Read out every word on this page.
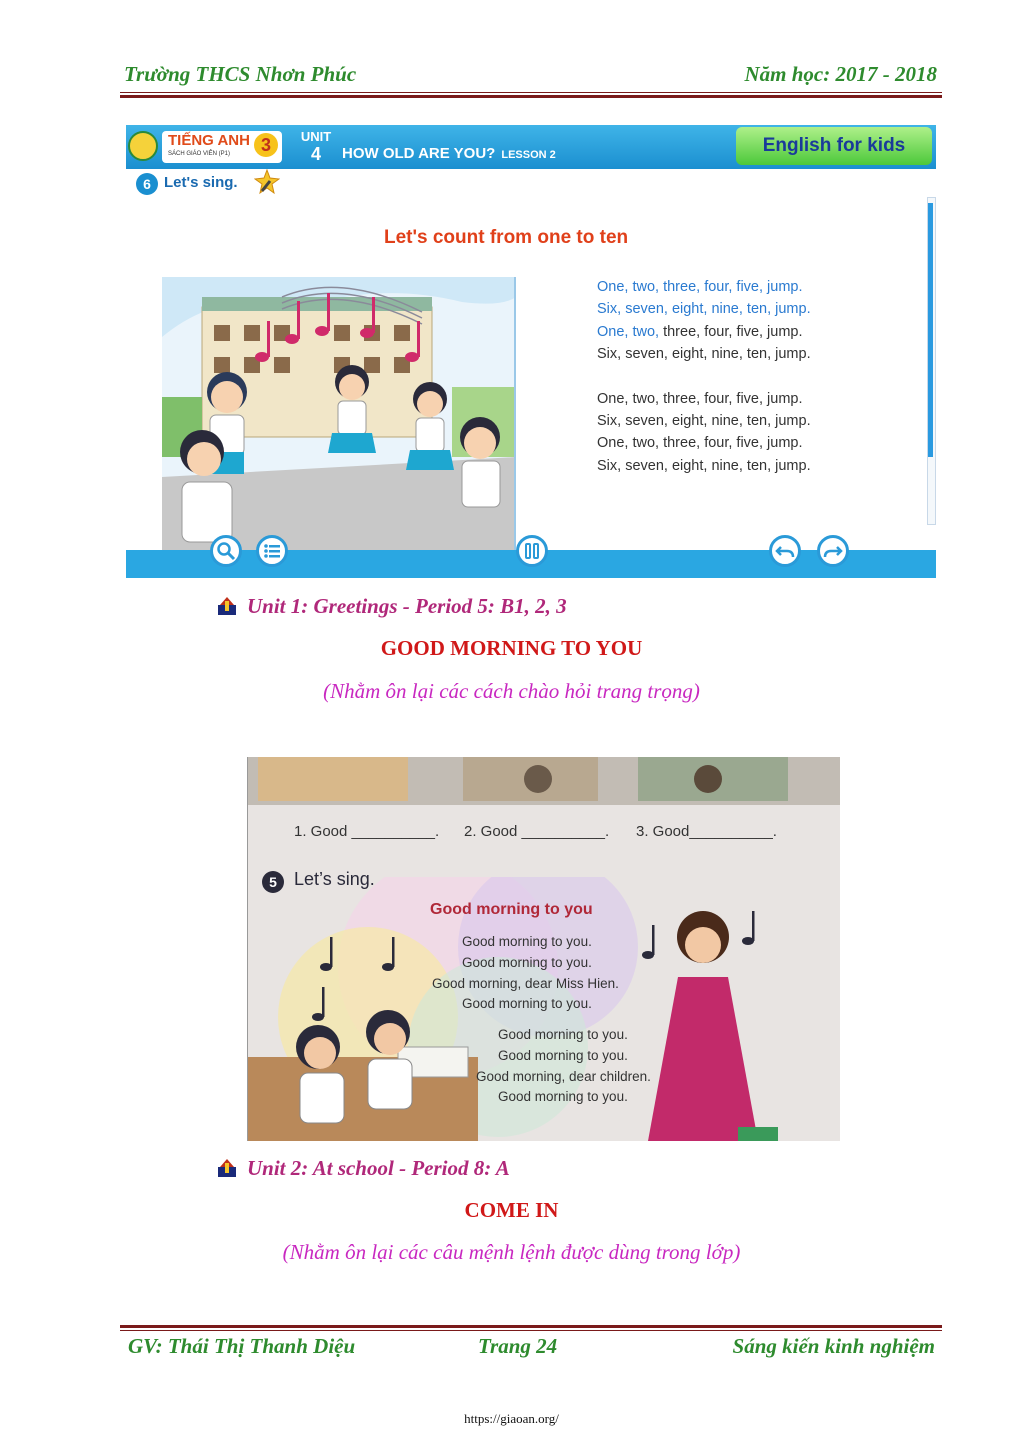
Trường THCS Nhơn Phúc	Năm học: 2017 - 2018
TIẾNG ANH
SÁCH GIÁO VIÊN (P1)	3	UNIT
4	HOW OLD ARE YOU? LESSON 2	English for kids
6 Let's sing.
Let's count from one to ten
One, two, three, four, five, jump.
Six, seven, eight, nine, ten, jump.
One, two, three, four, five, jump.
Six, seven, eight, nine, ten, jump.
One, two, three, four, five, jump.
Six, seven, eight, nine, ten, jump.
One, two, three, four, five, jump.
Six, seven, eight, nine, ten, jump.
Unit 1: Greetings - Period 5: B1, 2, 3
GOOD MORNING TO YOU
(Nhằm ôn lại các cách chào hỏi trang trọng)
1. Good __________. 2. Good __________. 3. Good__________.
5 Let’s sing.
Good morning to you
Good morning to you.
Good morning to you.
Good morning, dear Miss Hien.
Good morning to you.
Good morning to you.
Good morning to you.
Good morning, dear children.
Good morning to you.
Unit 2: At school - Period 8: A
COME IN
(Nhằm ôn lại các câu mệnh lệnh được dùng trong lớp)
GV: Thái Thị Thanh Diệu	Trang 24	Sáng kiến kinh nghiệm
https://giaoan.org/
